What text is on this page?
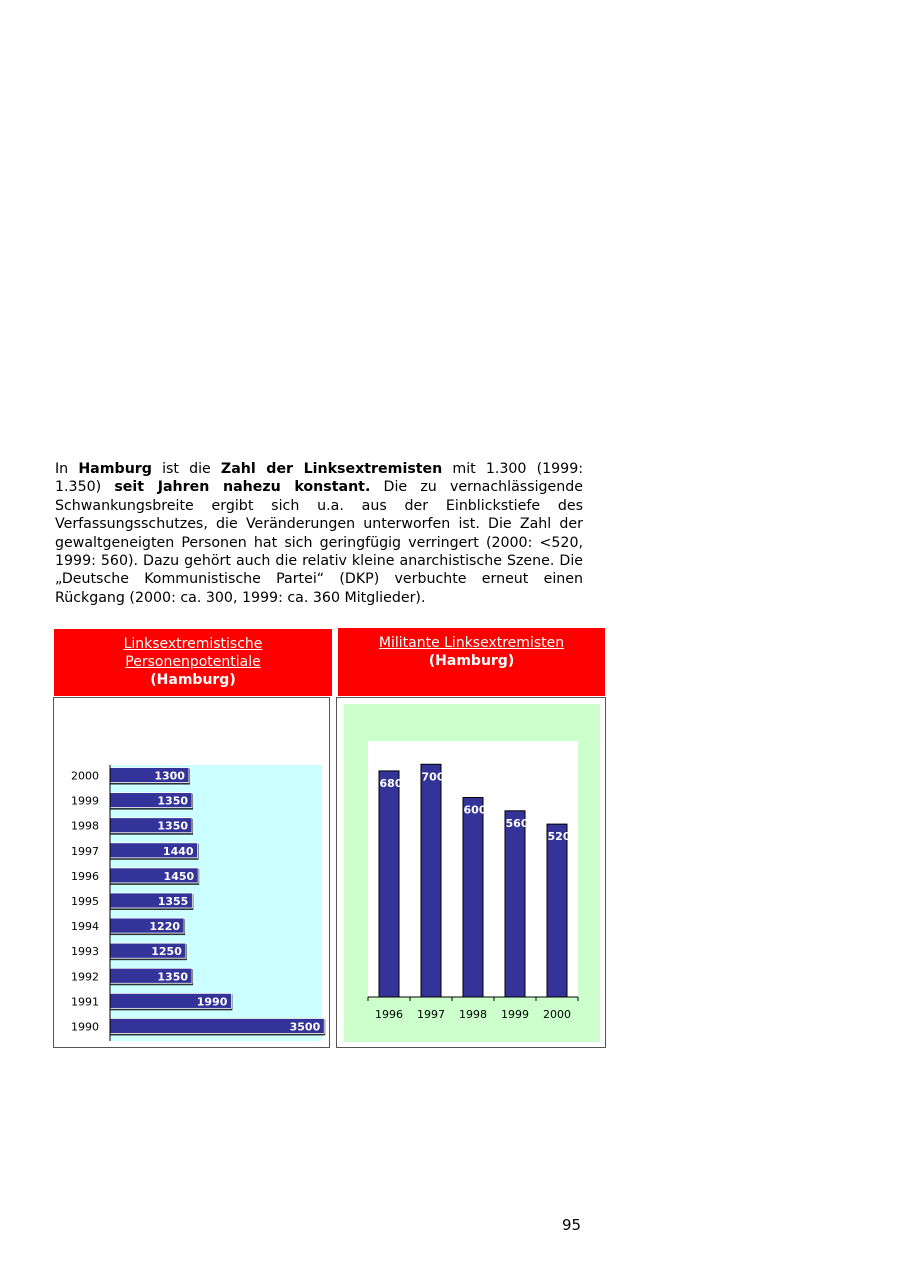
In Hamburg ist die Zahl der Linksextremisten mit 1.300 (1999: 1.350) seit Jahren nahezu konstant. Die zu vernachlässigende Schwankungsbreite ergibt sich u.a. aus der Einblickstiefe des Verfassungsschutzes, die Veränderungen unterworfen ist. Die Zahl der gewaltgeneigten Personen hat sich geringfügig verringert (2000: <520, 1999: 560). Dazu gehört auch die relativ kleine anarchistische Szene. Die „Deutsche Kommunistische Partei“ (DKP) verbuchte erneut einen Rückgang (2000: ca. 300, 1999: ca. 360 Mitglieder).

Linksextremistische
Personenpotentiale
(Hamburg)
Militante Linksextremisten
(Hamburg)
1300
2000
1350
1999
1350
1998
1440
1997
1450
1996
1355
1995
1220
1994
1250
1993
1350
1992
1990
1991
3500
1990
680
1996
700
1997
600
1998
560
1999
520
2000
95
